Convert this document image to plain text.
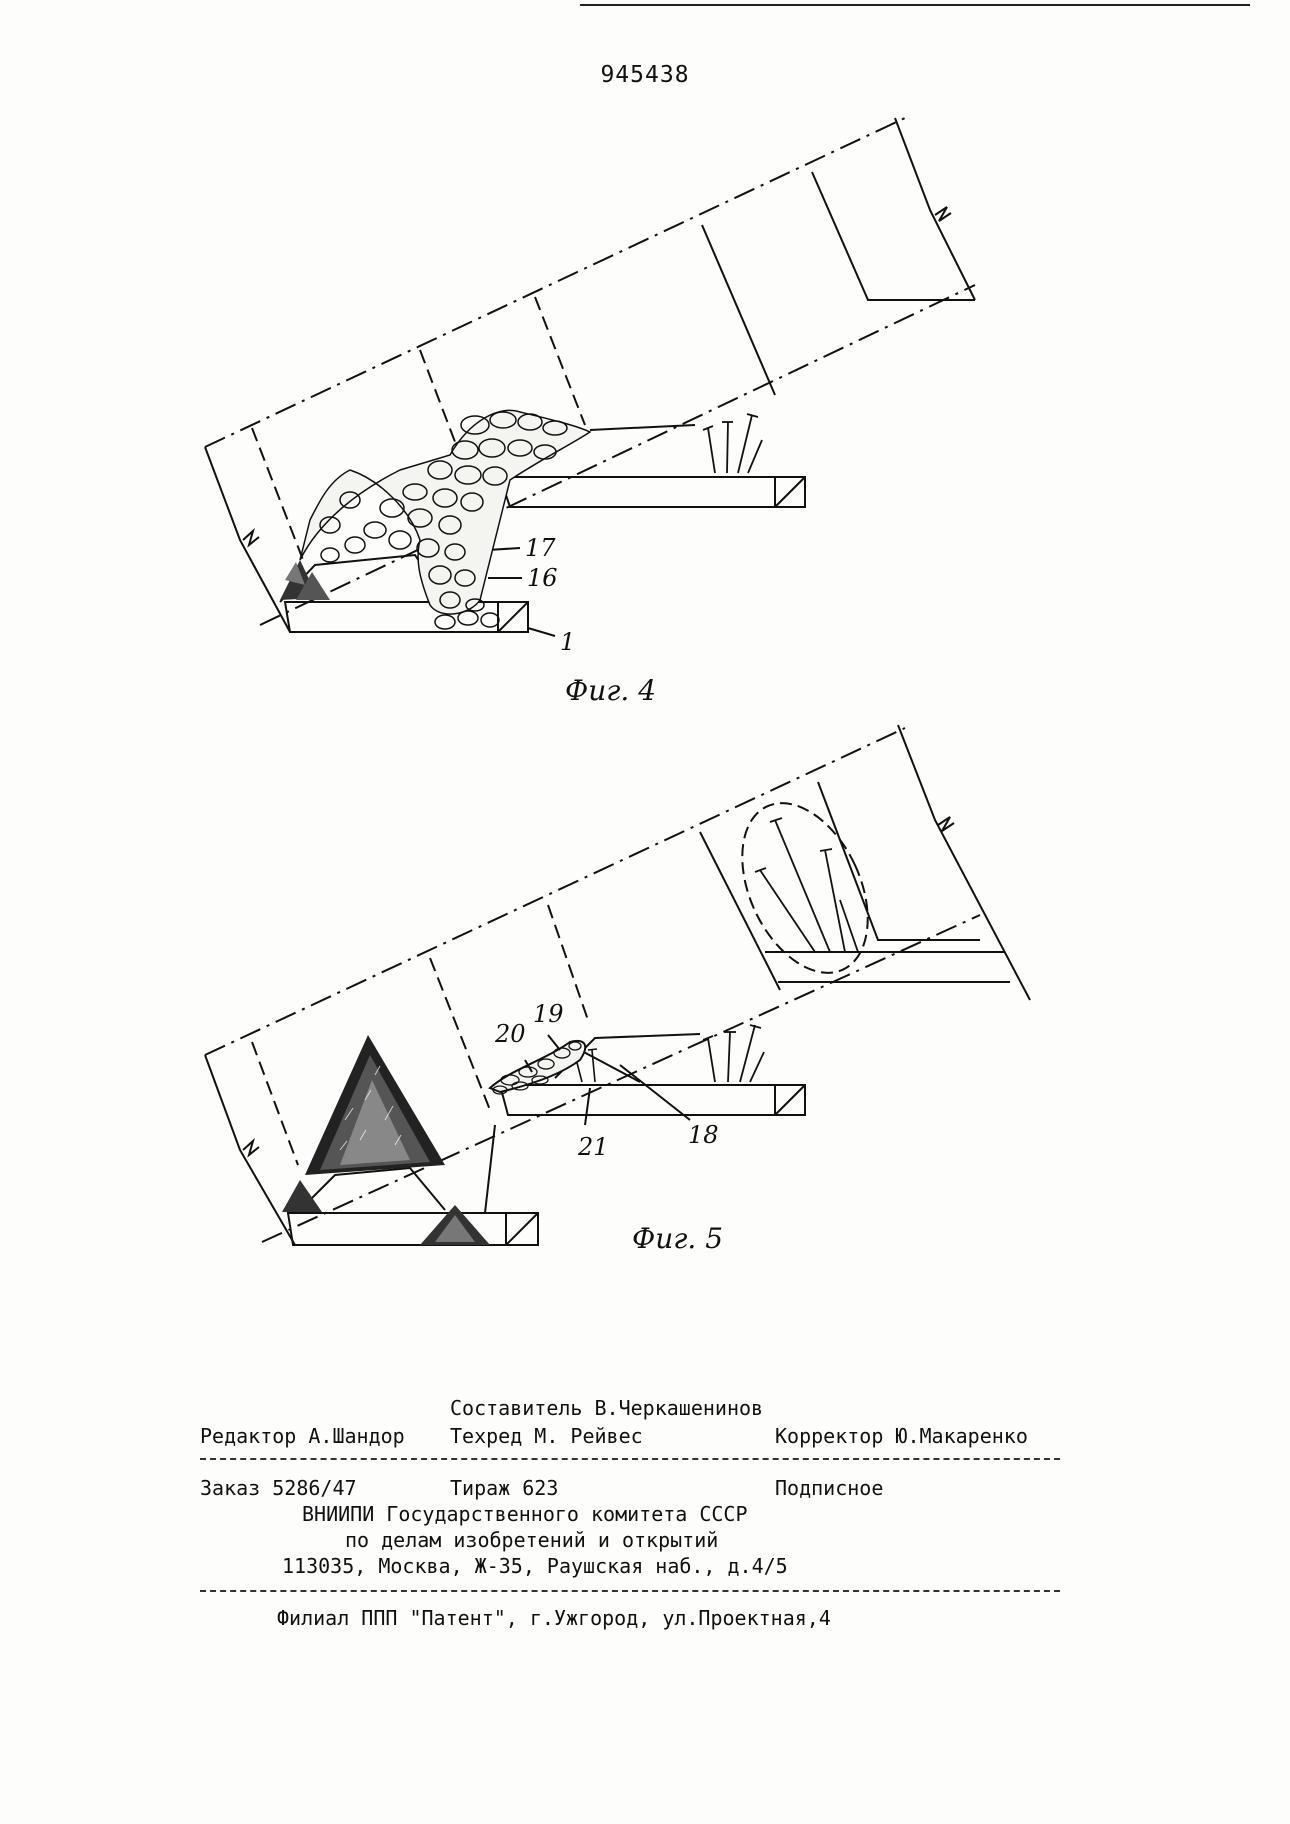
945438
17
16
1
Фиг. 4
19
20
21	18
Фиг. 5
Составитель В.Черкашенинов
Редактор А.Шандор Техред М. Рейвес	Корректор Ю.Макаренко
Заказ 5286/47	Тираж 623	Подписное
ВНИИПИ Государственного комитета СССР
по делам изобретений и открытий
113035, Москва, Ж-35, Раушская наб., д.4/5
Филиал ППП "Патент", г.Ужгород, ул.Проектная,4
